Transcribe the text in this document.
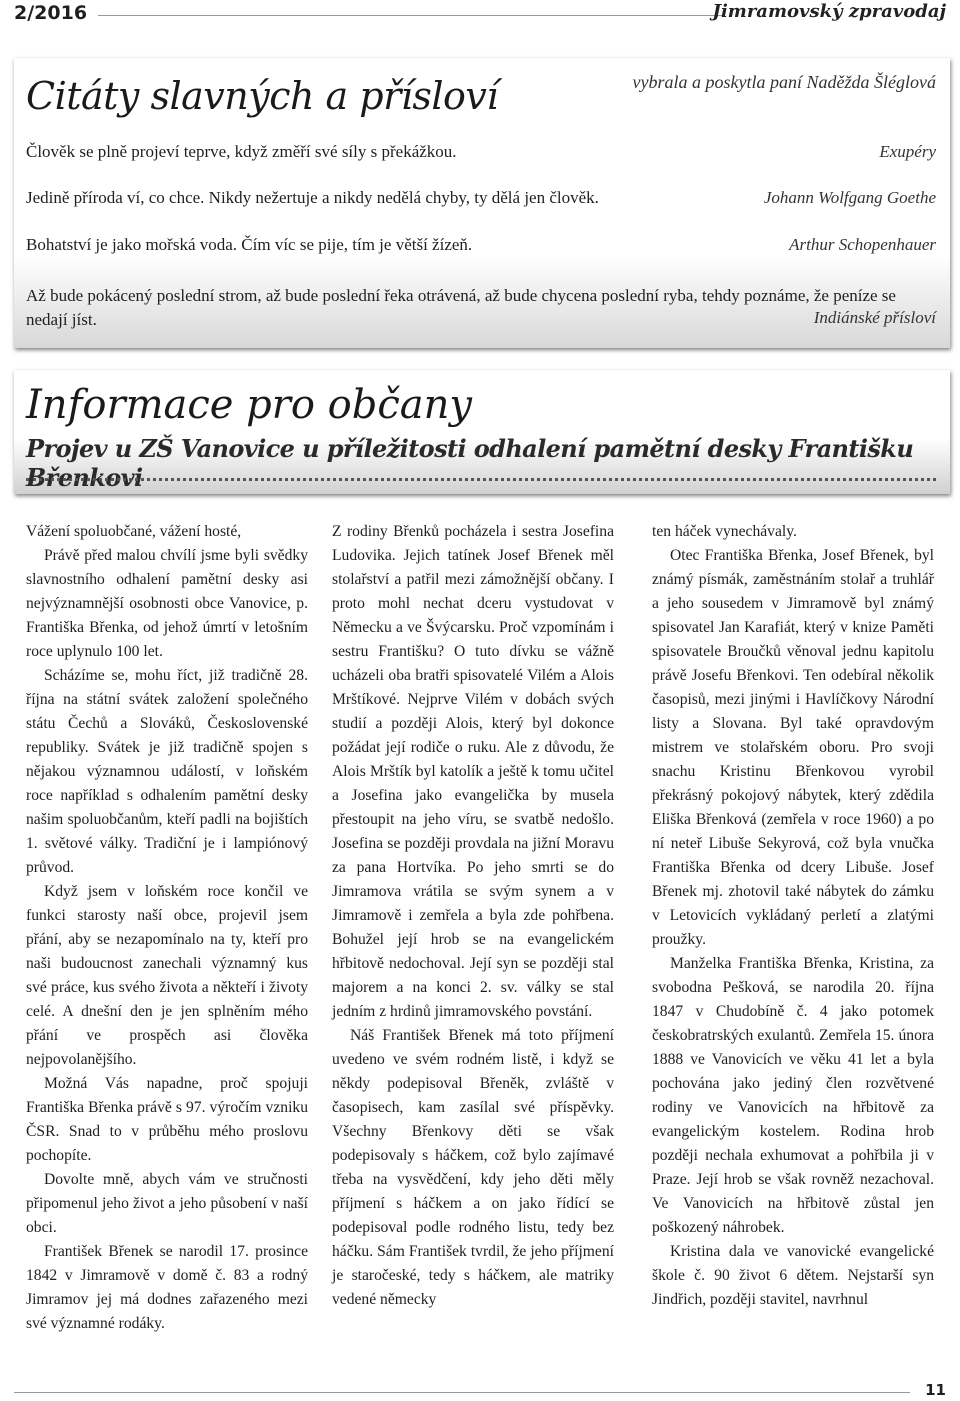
2/2016	Jimramovský zpravodaj
Citáty slavných a přísloví	vybrala a poskytla paní Naděžda Šléglová
Člověk se plně projeví teprve, když změří své síly s překážkou.	Exupéry
Jedině příroda ví, co chce. Nikdy nežertuje a nikdy nedělá chyby, ty dělá jen člověk.	Johann Wolfgang Goethe
Bohatství je jako mořská voda. Čím víc se pije, tím je větší žízeň.	Arthur Schopenhauer
Až bude pokácený poslední strom, až bude poslední řeka otrávená, až bude chycena poslední ryba, tehdy poznáme, že peníze se nedají jíst.	Indiánské přísloví
Informace pro občany
Projev u ZŠ Vanovice u příležitosti odhalení pamětní desky Františku Břenkovi

Vážení spoluobčané, vážení hosté,

Právě před malou chvílí jsme byli svědky slavnostního odhalení pamětní desky asi nejvýznamnější osobnosti obce Vanovice, p. Františka Břenka, od jehož úmrtí v letošním roce uplynulo 100 let.

Scházíme se, mohu říct, již tradičně 28. října na státní svátek založení společného státu Čechů a Slováků, Československé republiky. Svátek je již tradičně spojen s nějakou významnou událostí, v loňském roce například s odhalením pamětní desky našim spoluobčanům, kteří padli na bojištích 1. světové války. Tradiční je i lampiónový průvod.

Když jsem v loňském roce končil ve funkci starosty naší obce, projevil jsem přání, aby se nezapomínalo na ty, kteří pro naši budoucnost zanechali významný kus své práce, kus svého života a někteří i životy celé. A dnešní den je jen splněním mého přání ve prospěch asi člověka nejpovolanějšího.

Možná Vás napadne, proč spojuji Františka Břenka právě s 97. výročím vzniku ČSR. Snad to v průběhu mého proslovu pochopíte.

Dovolte mně, abych vám ve stručnosti připomenul jeho život a jeho působení v naší obci.

František Břenek se narodil 17. prosince 1842 v Jimramově v domě č. 83 a rodný Jimramov jej má dodnes zařazeného mezi své významné rodáky.

Z rodiny Břenků pocházela i sestra Josefina Ludovika. Jejich tatínek Josef Břenek měl stolařství a patřil mezi zámožnější občany. I proto mohl nechat dceru vystudovat v Německu a ve Švýcarsku. Proč vzpomínám i sestru Františku? O tuto dívku se vážně ucházeli oba bratři spisovatelé Vilém a Alois Mrštíkové. Nejprve Vilém v dobách svých studií a později Alois, který byl dokonce požádat její rodiče o ruku. Ale z důvodu, že Alois Mrštík byl katolík a ještě k tomu učitel a Josefina jako evangelička by musela přestoupit na jeho víru, se svatbě nedošlo. Josefina se později provdala na jižní Moravu za pana Hortvíka. Po jeho smrti se do Jimramova vrátila se svým synem a v Jimramově i zemřela a byla zde pohřbena. Bohužel její hrob se na evangelickém hřbitově nedochoval. Její syn se později stal majorem a na konci 2. sv. války se stal jedním z hrdinů jimramovského povstání.

Náš František Břenek má toto příjmení uvedeno ve svém rodném listě, i když se někdy podepisoval Břeněk, zvláště v časopisech, kam zasílal své příspěvky. Všechny Břenkovy děti se však podepisovaly s háčkem, což bylo zajímavé třeba na vysvědčení, kdy jeho děti měly příjmení s háčkem a on jako řídící se podepisoval podle rodného listu, tedy bez háčku. Sám František tvrdil, že jeho příjmení je staročeské, tedy s háčkem, ale matriky vedené německy

ten háček vynechávaly.

Otec Františka Břenka, Josef Břenek, byl známý písmák, zaměstnáním stolař a truhlář a jeho sousedem v Jimramově byl známý spisovatel Jan Karafiát, který v knize Paměti spisovatele Broučků věnoval jednu kapitolu právě Josefu Břenkovi. Ten odebíral několik časopisů, mezi jinými i Havlíčkovy Národní listy a Slovana. Byl také opravdovým mistrem ve stolařském oboru. Pro svoji snachu Kristinu Břenkovou vyrobil překrásný pokojový nábytek, který zdědila Eliška Břenková (zemřela v roce 1960) a po ní neteř Libuše Sekyrová, což byla vnučka Františka Břenka od dcery Libuše. Josef Břenek mj. zhotovil také nábytek do zámku v Letovicích vykládaný perletí a zlatými proužky.

Manželka Františka Břenka, Kristina, za svobodna Pešková, se narodila 20. října 1847 v Chudobíně č. 4 jako potomek českobratrských exulantů. Zemřela 15. února 1888 ve Vanovicích ve věku 41 let a byla pochována jako jediný člen rozvětvené rodiny ve Vanovicích na hřbitově za evangelickým kostelem. Rodina hrob později nechala exhumovat a pohřbila ji v Praze. Její hrob se však rovněž nezachoval. Ve Vanovicích na hřbitově zůstal jen poškozený náhrobek.

Kristina dala ve vanovické evangelické škole č. 90 život 6 dětem. Nejstarší syn Jindřich, později stavitel, navrhnul

11
